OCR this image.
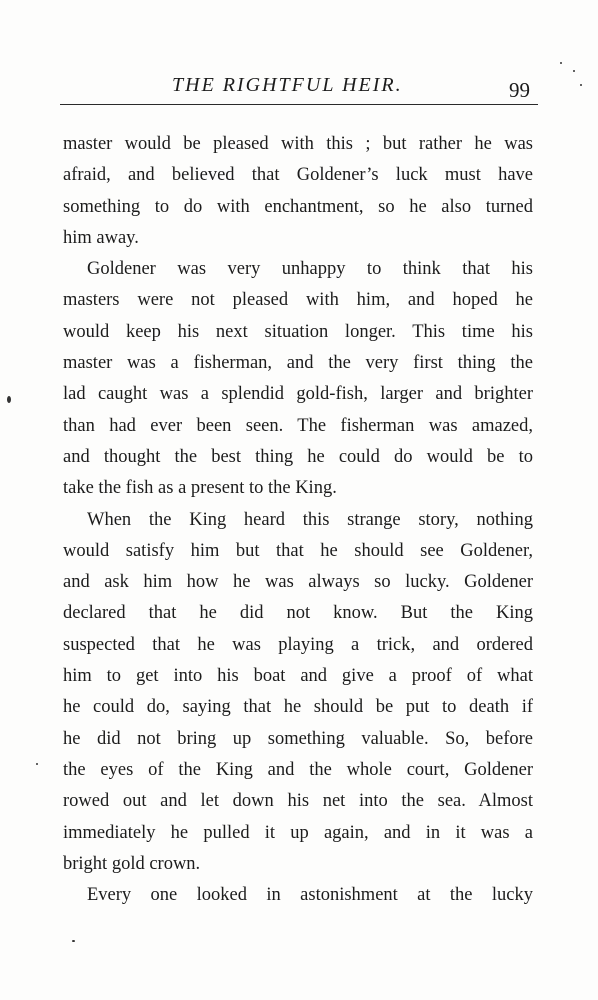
THE RIGHTFUL HEIR.	99
master would be pleased with this ; but rather he was
afraid, and believed that Goldener’s luck must have
something to do with enchantment, so he also turned
him away.
Goldener was very unhappy to think that his
masters were not pleased with him, and hoped he
would keep his next situation longer. This time his
master was a fisherman, and the very first thing the
lad caught was a splendid gold-fish, larger and brighter
than had ever been seen. The fisherman was amazed,
and thought the best thing he could do would be to
take the fish as a present to the King.
When the King heard this strange story, nothing
would satisfy him but that he should see Goldener,
and ask him how he was always so lucky. Goldener
declared that he did not know. But the King
suspected that he was playing a trick, and ordered
him to get into his boat and give a proof of what
he could do, saying that he should be put to death if
he did not bring up something valuable. So, before
the eyes of the King and the whole court, Goldener
rowed out and let down his net into the sea. Almost
immediately he pulled it up again, and in it was a
bright gold crown.
Every one looked in astonishment at the lucky
